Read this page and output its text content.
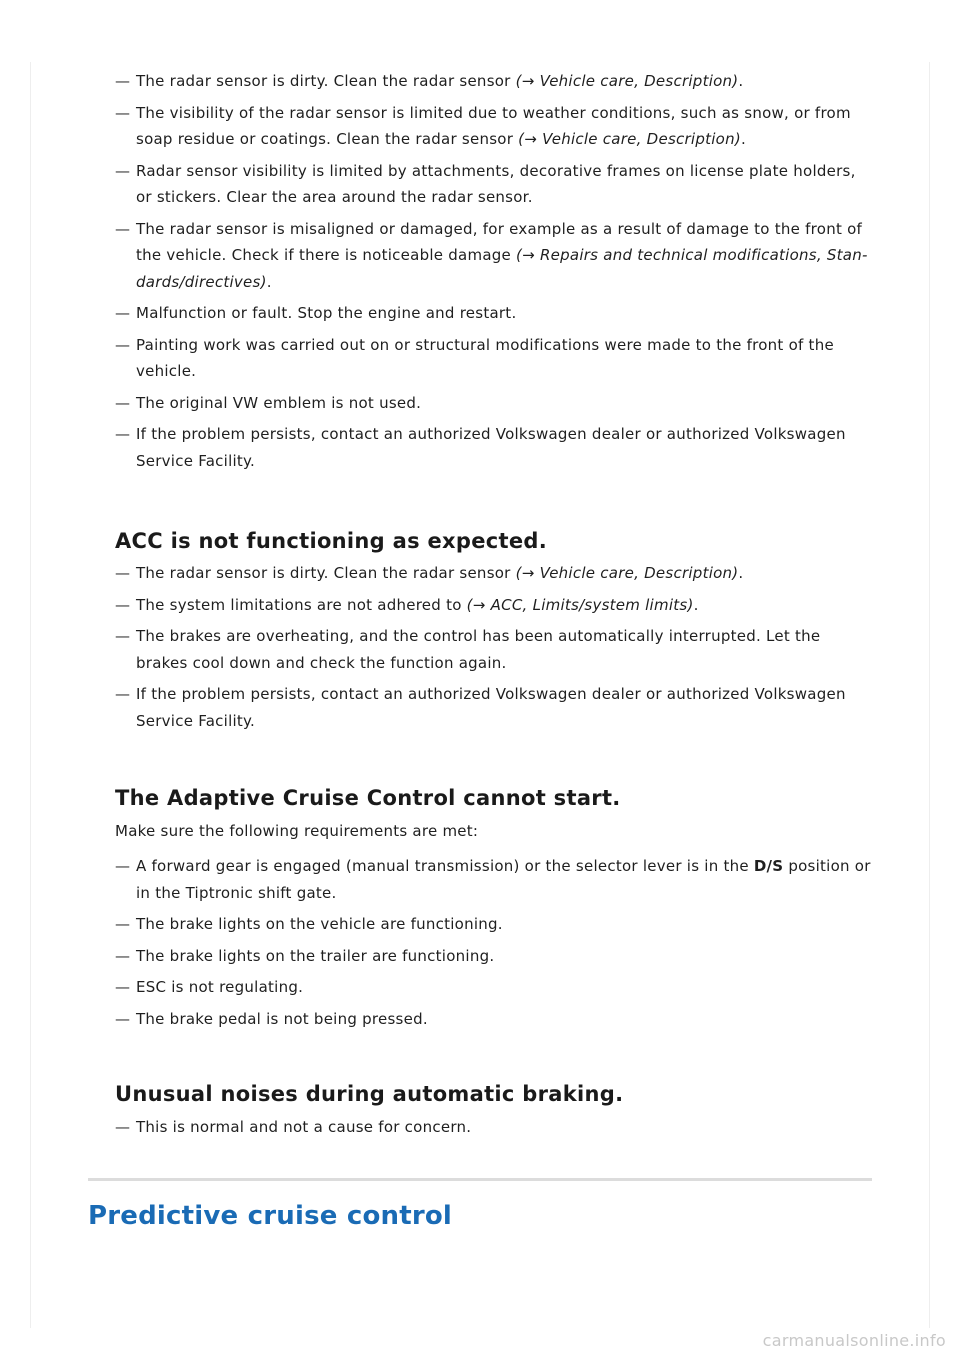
— The radar sensor is dirty. Clean the radar sensor (→ Vehicle care, Description).
— The visibility of the radar sensor is limited due to weather conditions, such as snow, or from soap residue or coatings. Clean the radar sensor (→ Vehicle care, Description).
— Radar sensor visibility is limited by attachments, decorative frames on license plate holders, or stickers. Clear the area around the radar sensor.
— The radar sensor is misaligned or damaged, for example as a result of damage to the front of the vehicle. Check if there is noticeable damage (→ Repairs and technical modifications, Stan-dards/directives).
— Malfunction or fault. Stop the engine and restart.
— Painting work was carried out on or structural modifications were made to the front of the vehicle.
— The original VW emblem is not used.
— If the problem persists, contact an authorized Volkswagen dealer or authorized Volkswagen Service Facility.
ACC is not functioning as expected.
— The radar sensor is dirty. Clean the radar sensor (→ Vehicle care, Description).
— The system limitations are not adhered to (→ ACC, Limits/system limits).
— The brakes are overheating, and the control has been automatically interrupted. Let the brakes cool down and check the function again.
— If the problem persists, contact an authorized Volkswagen dealer or authorized Volkswagen Service Facility.
The Adaptive Cruise Control cannot start.
Make sure the following requirements are met:
— A forward gear is engaged (manual transmission) or the selector lever is in the D/S position or in the Tiptronic shift gate.
— The brake lights on the vehicle are functioning.
— The brake lights on the trailer are functioning.
— ESC is not regulating.
— The brake pedal is not being pressed.
Unusual noises during automatic braking.
— This is normal and not a cause for concern.
Predictive cruise control
carmanualsonline.info
